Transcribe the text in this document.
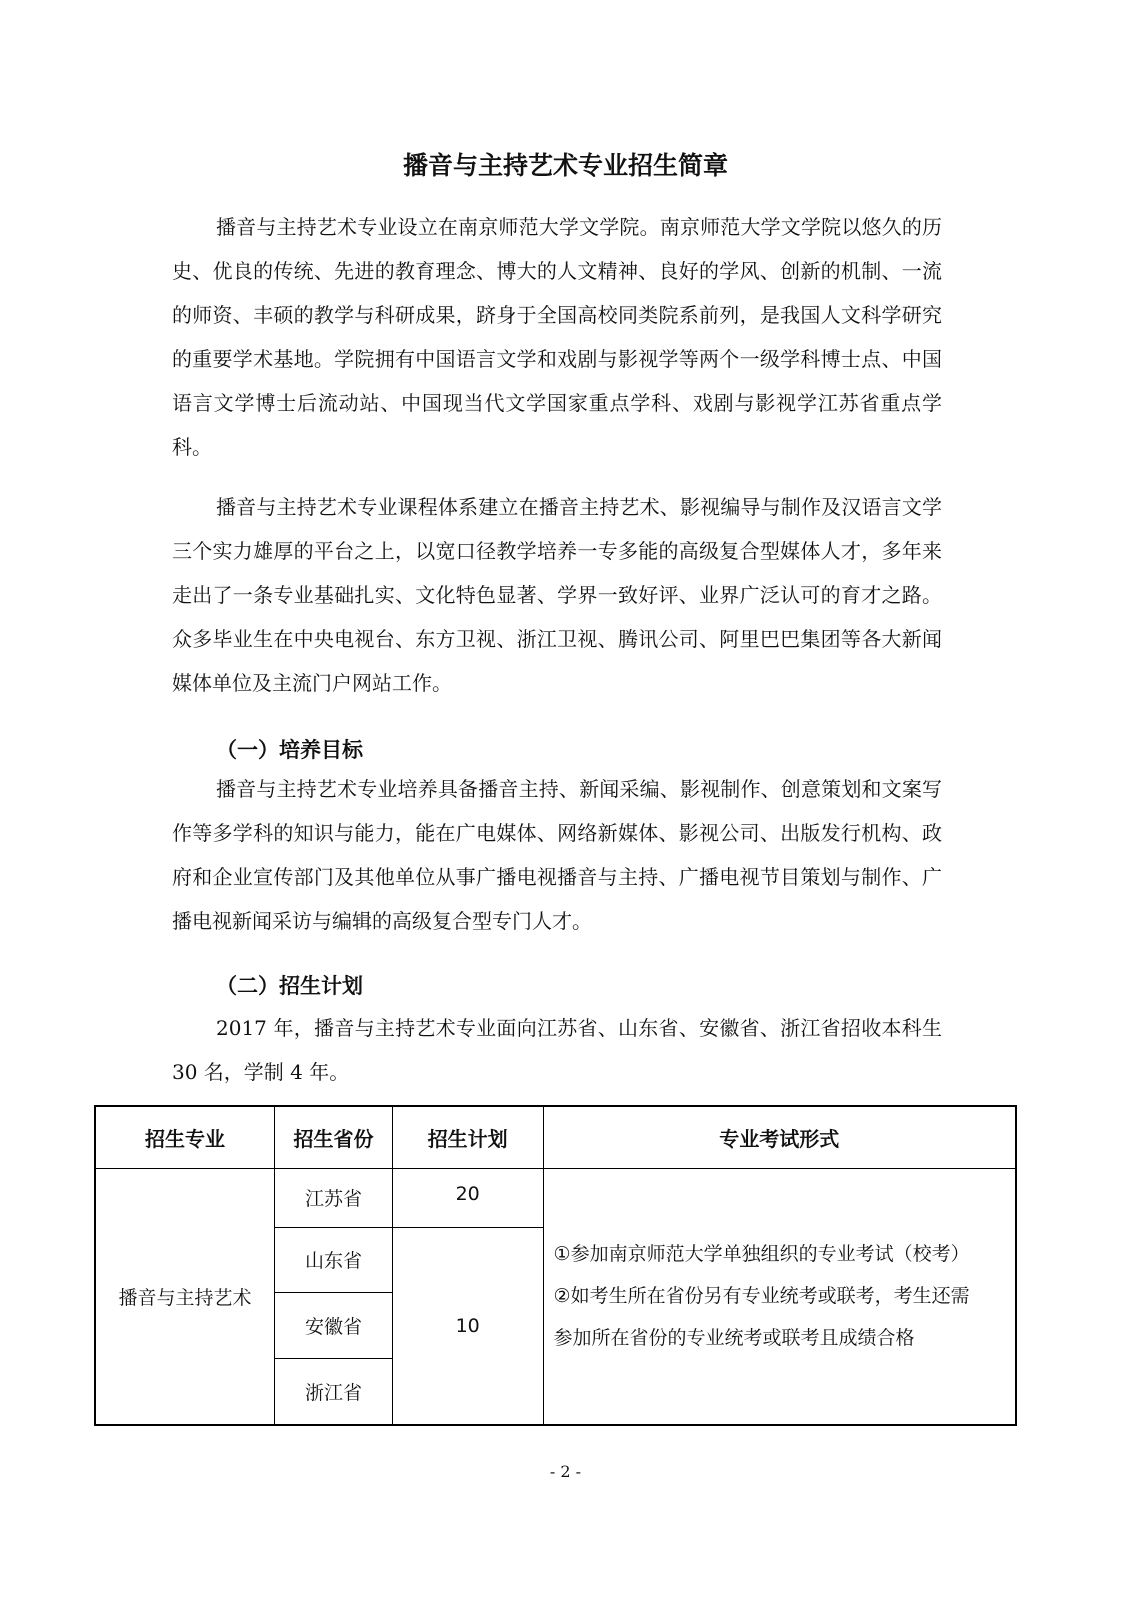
播音与主持艺术专业招生简章

播音与主持艺术专业设立在南京师范大学文学院。南京师范大学文学院以悠久的历史、优良的传统、先进的教育理念、博大的人文精神、良好的学风、创新的机制、一流的师资、丰硕的教学与科研成果，跻身于全国高校同类院系前列，是我国人文科学研究的重要学术基地。学院拥有中国语言文学和戏剧与影视学等两个一级学科博士点、中国语言文学博士后流动站、中国现当代文学国家重点学科、戏剧与影视学江苏省重点学科。

播音与主持艺术专业课程体系建立在播音主持艺术、影视编导与制作及汉语言文学三个实力雄厚的平台之上，以宽口径教学培养一专多能的高级复合型媒体人才，多年来走出了一条专业基础扎实、文化特色显著、学界一致好评、业界广泛认可的育才之路。众多毕业生在中央电视台、东方卫视、浙江卫视、腾讯公司、阿里巴巴集团等各大新闻媒体单位及主流门户网站工作。

（一）培养目标

播音与主持艺术专业培养具备播音主持、新闻采编、影视制作、创意策划和文案写作等多学科的知识与能力，能在广电媒体、网络新媒体、影视公司、出版发行机构、政府和企业宣传部门及其他单位从事广播电视播音与主持、广播电视节目策划与制作、广播电视新闻采访与编辑的高级复合型专门人才。

（二）招生计划

2017 年，播音与主持艺术专业面向江苏省、山东省、安徽省、浙江省招收本科生 30 名，学制 4 年。

招生专业	招生省份	招生计划	专业考试形式
播音与主持艺术	江苏省	20	①参加南京师范大学单独组织的专业考试（校考）
②如考生所在省份另有专业统考或联考，考生还需
参加所在省份的专业统考或联考且成绩合格

	山东省	10	
	安徽省		
	浙江省		
- 2 -
